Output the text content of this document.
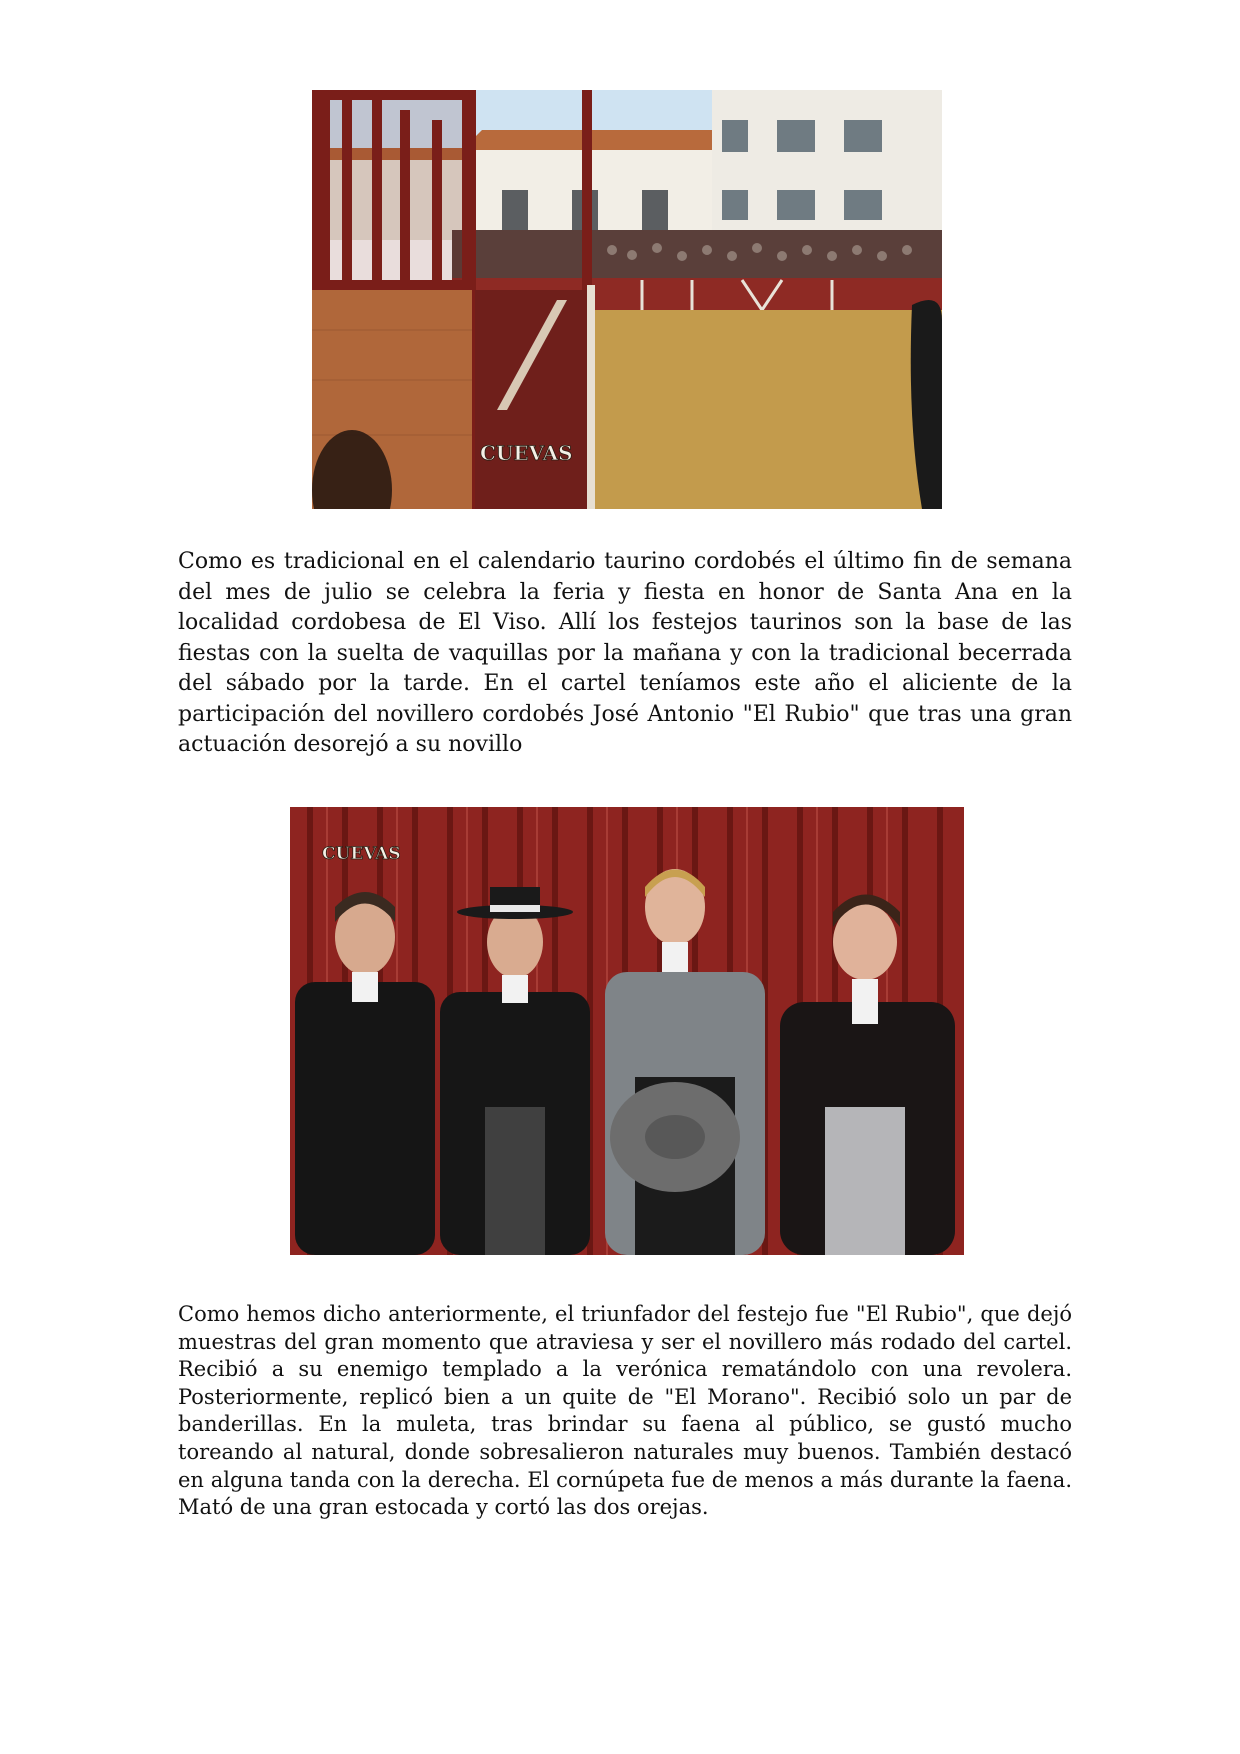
CUEVAS

Como es tradicional en el calendario taurino cordobés el último fin de semana del mes de julio se celebra la feria y fiesta en honor de Santa Ana en la localidad cordobesa de El Viso. Allí los festejos taurinos son la base de las fiestas con la suelta de vaquillas por la mañana y con la tradicional becerrada del sábado por la tarde. En el cartel teníamos este año el aliciente de la participación del novillero cordobés José Antonio "El Rubio" que tras una gran actuación desorejó a su novillo

CUEVAS

Como hemos dicho anteriormente, el triunfador del festejo fue "El Rubio", que dejó muestras del gran momento que atraviesa y ser el novillero más rodado del cartel. Recibió a su enemigo templado a la verónica rematándolo con una revolera. Posteriormente, replicó bien a un quite de "El Morano". Recibió solo un par de banderillas. En la muleta, tras brindar su faena al público, se gustó mucho toreando al natural, donde sobresalieron naturales muy buenos. También destacó en alguna tanda con la derecha. El cornúpeta fue de menos a más durante la faena. Mató de una gran estocada y cortó las dos orejas.
